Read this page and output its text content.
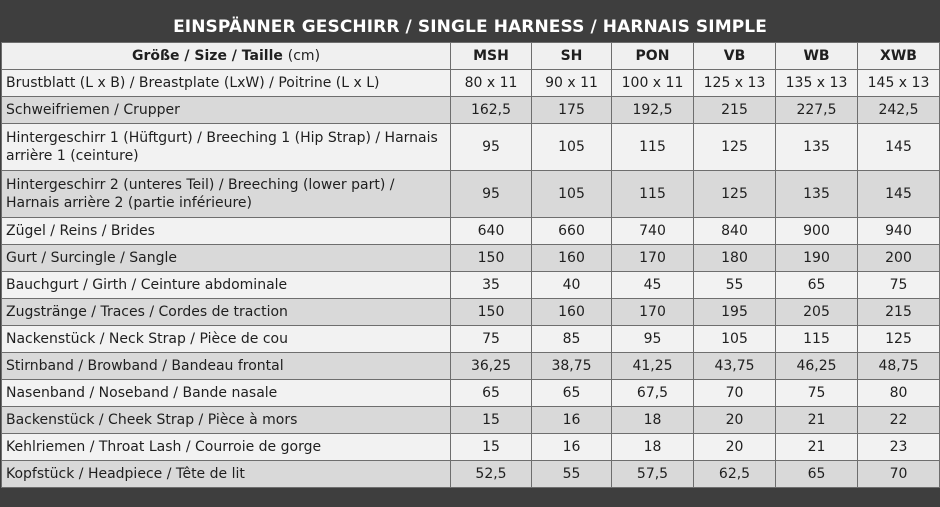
EINSPÄNNER GESCHIRR / SINGLE HARNESS / HARNAIS SIMPLE
Größe / Size / Taille (cm)	MSH	SH	PON	VB	WB	XWB
Brustblatt (L x B) / Breastplate (LxW) / Poitrine (L x L)	80 x 11	90 x 11	100 x 11	125 x 13	135 x 13	145 x 13
Schweifriemen / Crupper	162,5	175	192,5	215	227,5	242,5
Hintergeschirr 1 (Hüftgurt) / Breeching 1 (Hip Strap) / Harnais arrière 1 (ceinture)	95	105	115	125	135	145
Hintergeschirr 2 (unteres Teil) / Breeching (lower part) / Harnais arrière 2 (partie inférieure)	95	105	115	125	135	145
Zügel / Reins / Brides	640	660	740	840	900	940
Gurt / Surcingle / Sangle	150	160	170	180	190	200
Bauchgurt / Girth / Ceinture abdominale	35	40	45	55	65	75
Zugstränge / Traces / Cordes de traction	150	160	170	195	205	215
Nackenstück / Neck Strap / Pièce de cou	75	85	95	105	115	125
Stirnband / Browband / Bandeau frontal	36,25	38,75	41,25	43,75	46,25	48,75
Nasenband / Noseband / Bande nasale	65	65	67,5	70	75	80
Backenstück / Cheek Strap / Pièce à mors	15	16	18	20	21	22
Kehlriemen / Throat Lash / Courroie de gorge	15	16	18	20	21	23
Kopfstück / Headpiece / Tête de lit	52,5	55	57,5	62,5	65	70
